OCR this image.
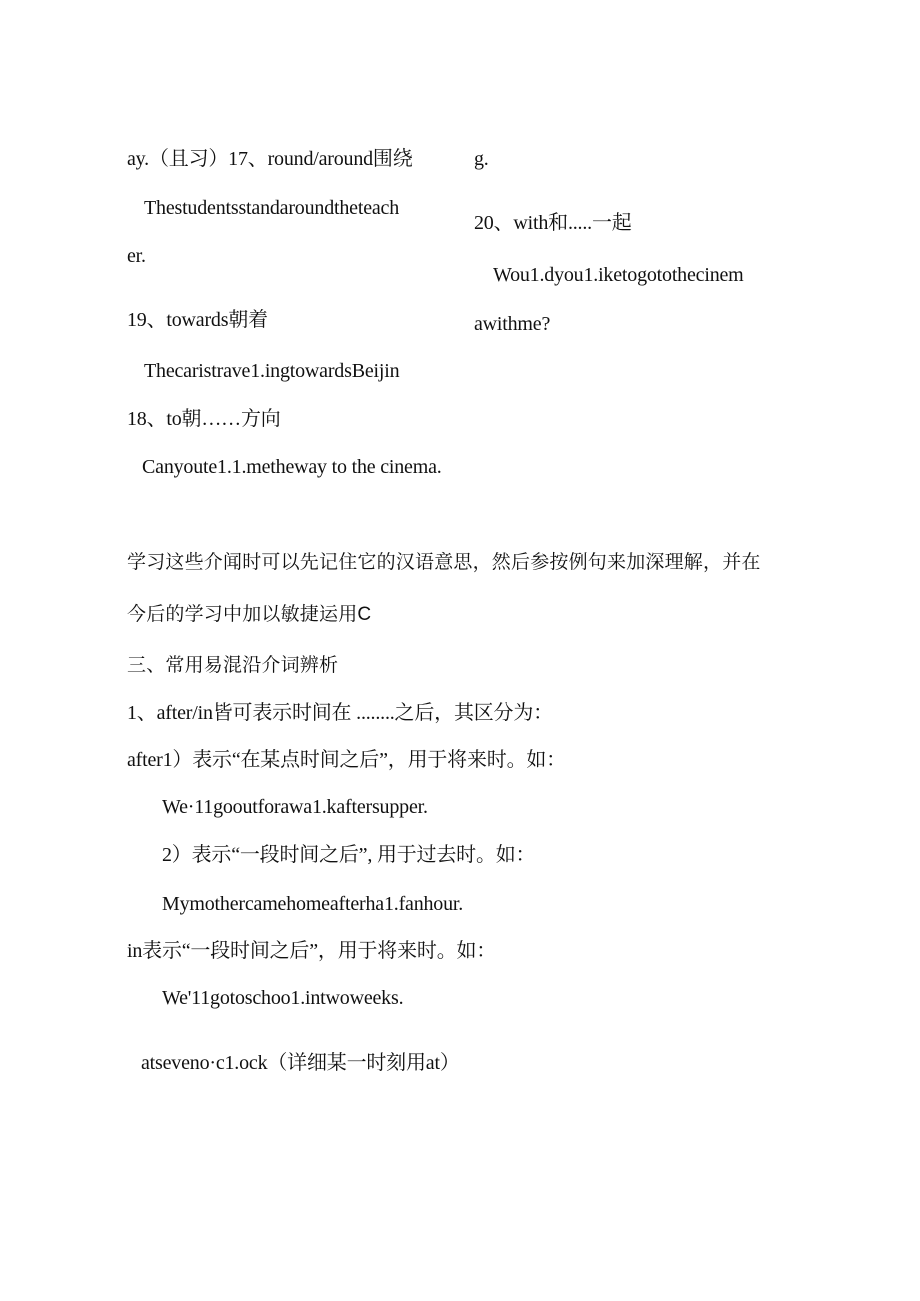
ay.（且习）17、round/around围绕
Thestudentsstandaroundtheteach
er.
19、towards朝着
Thecaristrave1.ingtowardsBeijin
18、to朝……方向
Canyoute1.1.metheway to the cinema.
g.
20、with和.....一起
Wou1.dyou1.iketogotothecinem
awithme?
学习这些介闻时可以先记住它的汉语意思，然后参按例句来加深理解，并在
今后的学习中加以敏捷运用C
三、常用易混沿介词辨析
1、after/in皆可表示时间在 ........之后，其区分为：
after1）表示“在某点时间之后”，用于将来时。如：
We·11gooutforawa1.kaftersupper.
2）表示“一段时间之后”, 用于过去时。如：
Mymothercamehomeafterha1.fanhour.
in表示“一段时间之后”，用于将来时。如：
We'11gotoschoo1.intwoweeks.
atseveno·c1.ock（详细某一时刻用at）
